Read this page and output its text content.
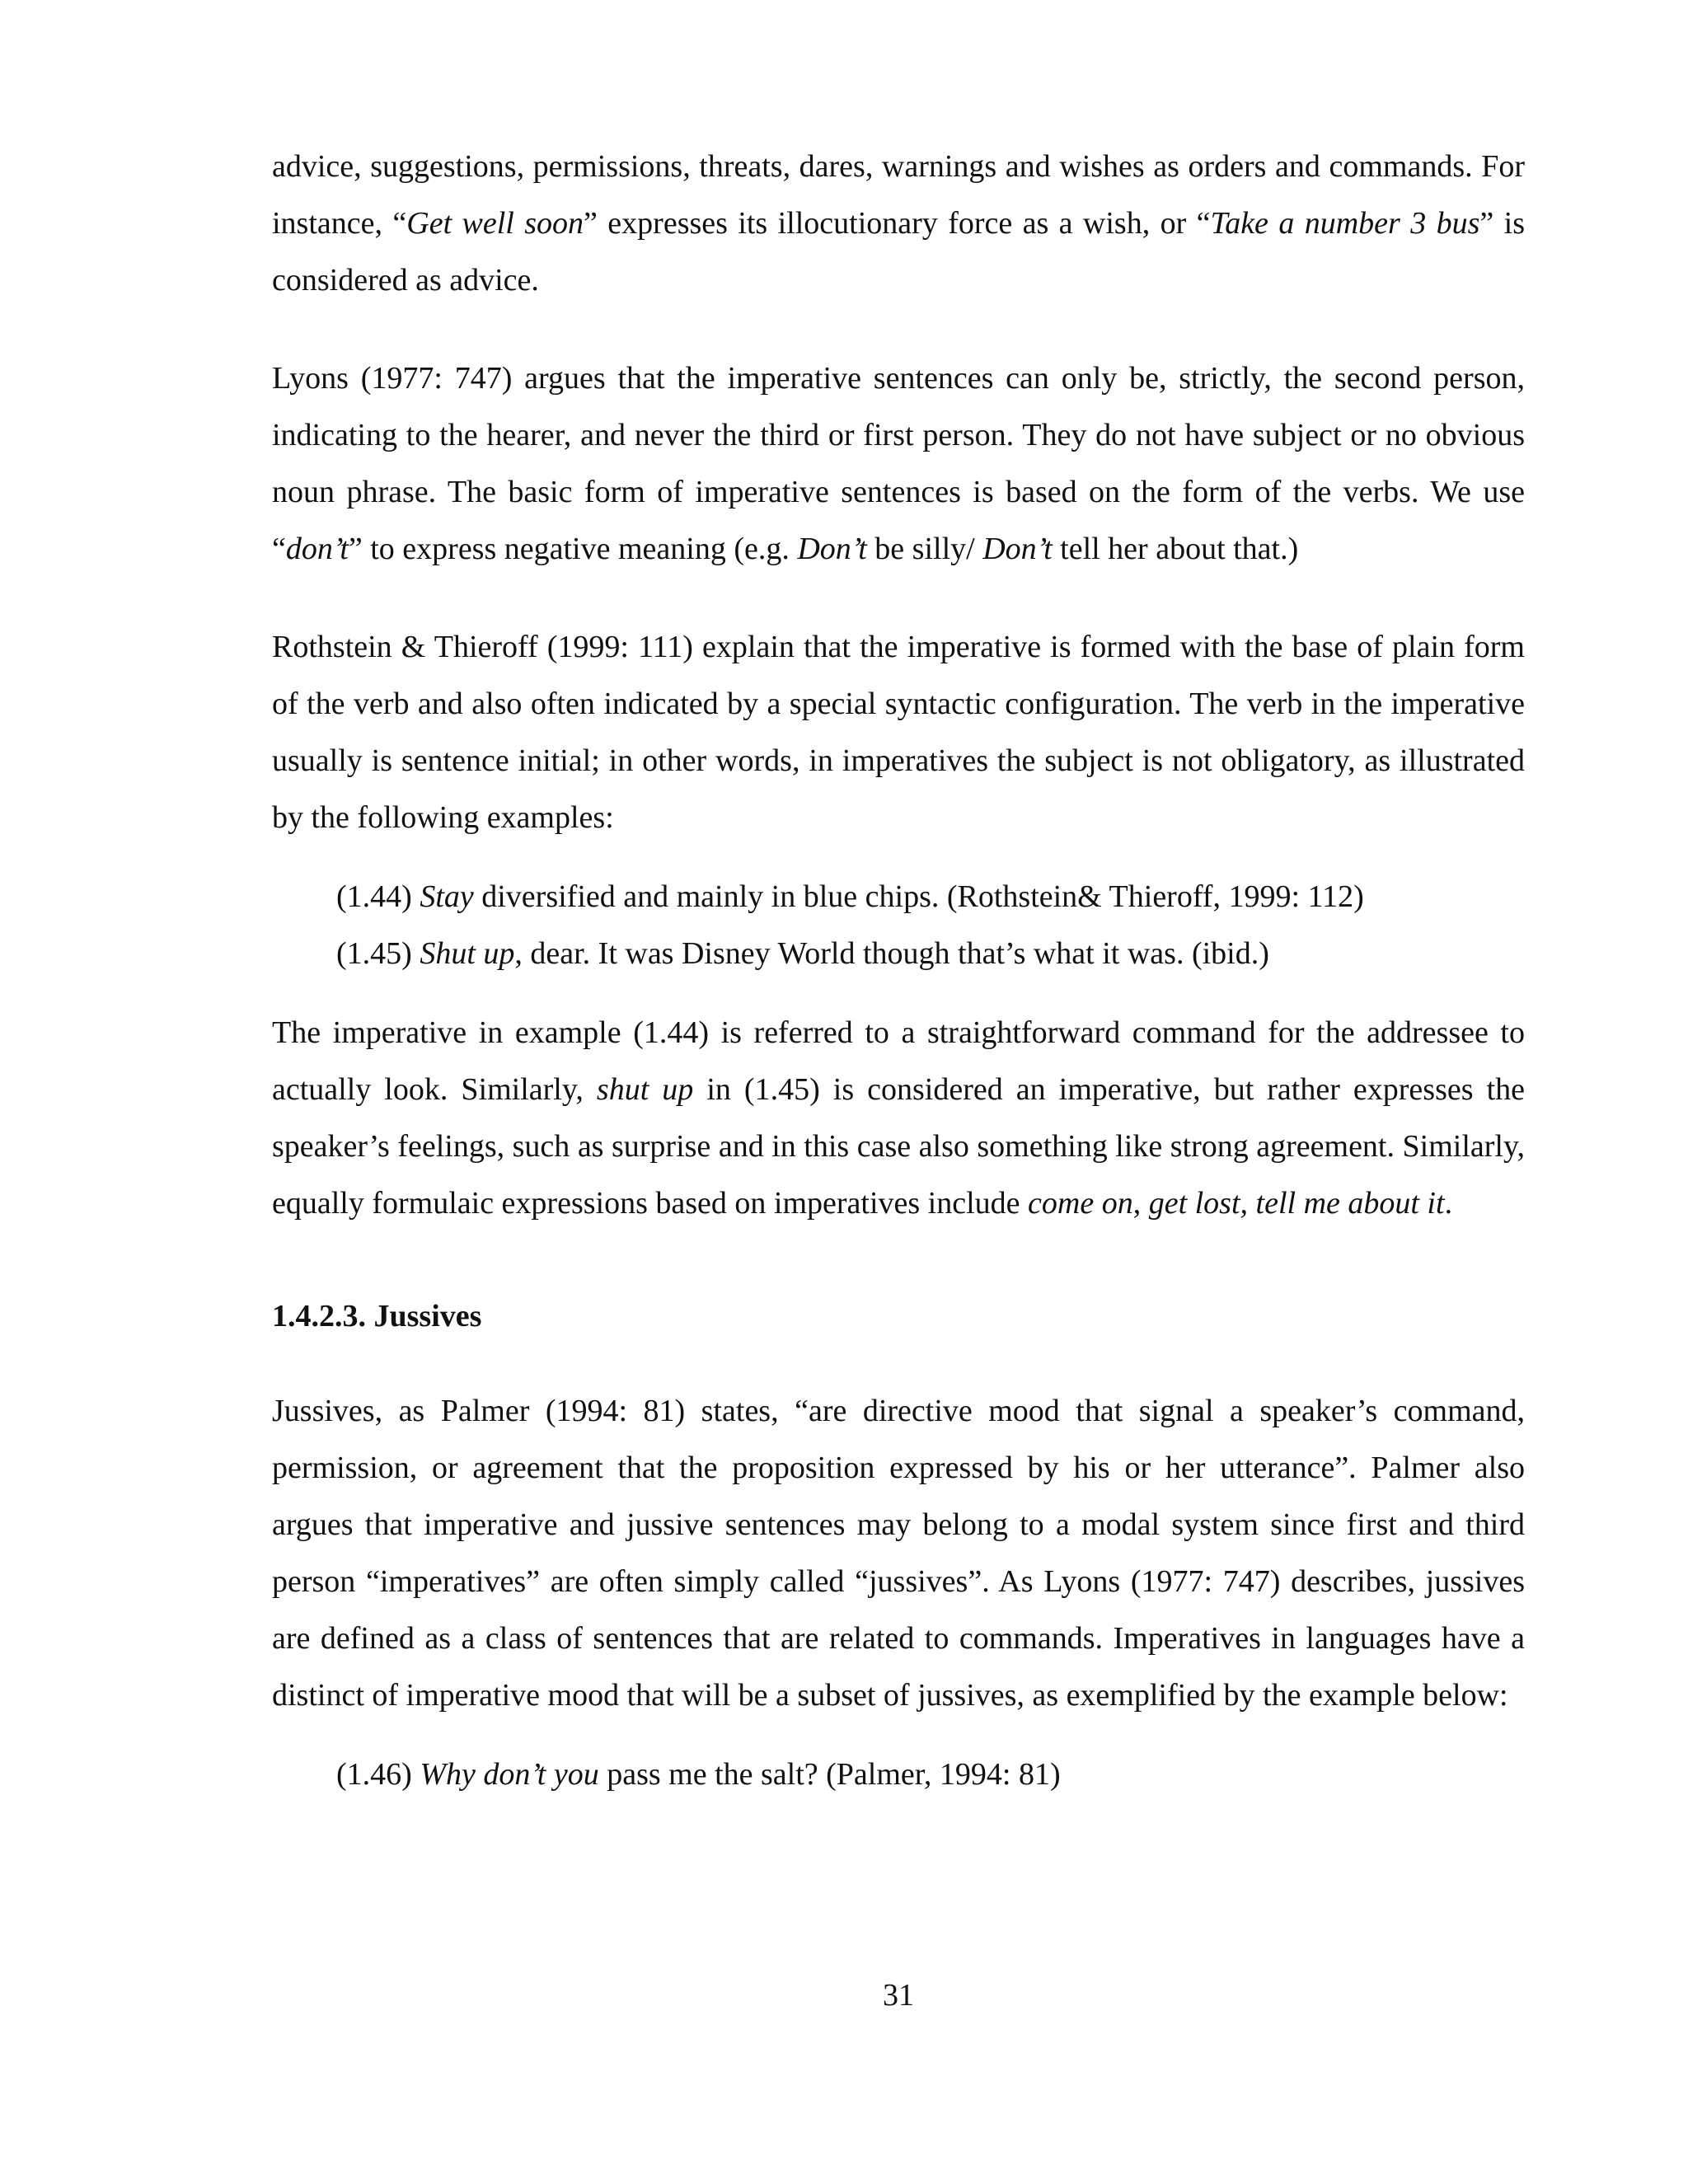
advice, suggestions, permissions, threats, dares, warnings and wishes as orders and commands. For instance, “Get well soon” expresses its illocutionary force as a wish, or “Take a number 3 bus” is considered as advice.

Lyons (1977: 747) argues that the imperative sentences can only be, strictly, the second person, indicating to the hearer, and never the third or first person. They do not have subject or no obvious noun phrase. The basic form of imperative sentences is based on the form of the verbs. We use “don’t” to express negative meaning (e.g. Don’t be silly/ Don’t tell her about that.)

Rothstein & Thieroff (1999: 111) explain that the imperative is formed with the base of plain form of the verb and also often indicated by a special syntactic configuration. The verb in the imperative usually is sentence initial; in other words, in imperatives the subject is not obligatory, as illustrated by the following examples:

(1.44) Stay diversified and mainly in blue chips. (Rothstein& Thieroff, 1999: 112)

(1.45) Shut up, dear. It was Disney World though that’s what it was. (ibid.)

The imperative in example (1.44) is referred to a straightforward command for the addressee to actually look. Similarly, shut up in (1.45) is considered an imperative, but rather expresses the speaker’s feelings, such as surprise and in this case also something like strong agreement. Similarly, equally formulaic expressions based on imperatives include come on, get lost, tell me about it.

1.4.2.3. Jussives

Jussives, as Palmer (1994: 81) states, “are directive mood that signal a speaker’s command, permission, or agreement that the proposition expressed by his or her utterance”. Palmer also argues that imperative and jussive sentences may belong to a modal system since first and third person “imperatives” are often simply called “jussives”. As Lyons (1977: 747) describes, jussives are defined as a class of sentences that are related to commands. Imperatives in languages have a distinct of imperative mood that will be a subset of jussives, as exemplified by the example below:

(1.46) Why don’t you pass me the salt? (Palmer, 1994: 81)

31
